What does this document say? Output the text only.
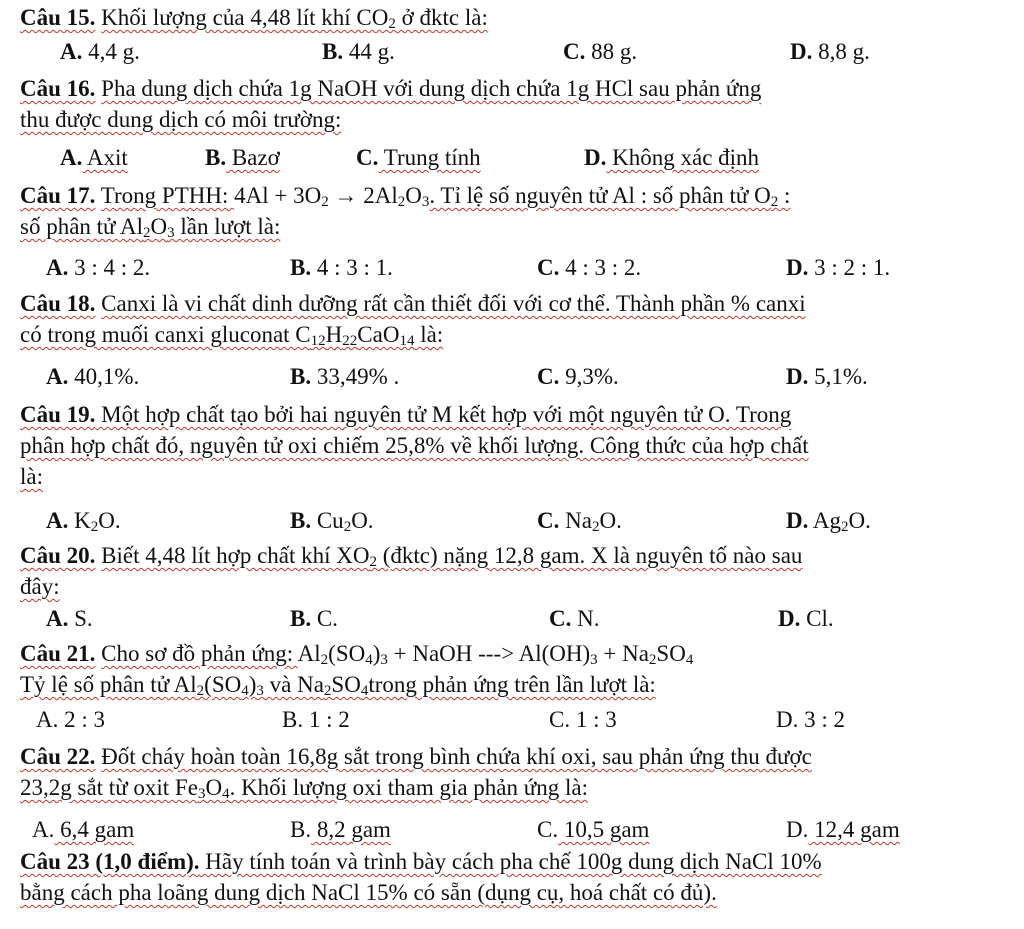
Câu 15. Khối lượng của 4,48 lít khí $CO_2$ ở đktc là:
A. 4,4 g.	B. 44 g.	C. 88 g.	D. 8,8 g.
Câu 16. Pha dung dịch chứa 1g NaOH với dung dịch chứa 1g HCl sau phản ứng
thu được dung dịch có môi trường:
A. Axit	B. Bazơ	C. Trung tính	D. Không xác định
Câu 17. Trong PTHH: $4Al + 3O_2 \to 2Al_2O_3$. Tỉ lệ số nguyên tử Al : số phân tử $O_2$ :
số phân tử $Al_2O_3$ lần lượt là:
A. 3 : 4 : 2.	B. 4 : 3 : 1.	C. 4 : 3 : 2.	D. 3 : 2 : 1.
Câu 18. Canxi là vi chất dinh dưỡng rất cần thiết đối với cơ thể. Thành phần % canxi
có trong muối canxi gluconat $C_{12}H_{22}CaO_{14}$ là:
A. 40,1%.	B. 33,49% .	C. 9,3%.	D. 5,1%.
Câu 19. Một hợp chất tạo bởi hai nguyên tử M kết hợp với một nguyên tử O. Trong
phân hợp chất đó, nguyên tử oxi chiếm 25,8% về khối lượng. Công thức của hợp chất
là:
A. $K_2O$.	B. $Cu_2O$.	C. $Na_2O$.	D. $Ag_2O$.
Câu 20. Biết 4,48 lít hợp chất khí $XO_2$ (đktc) nặng 12,8 gam. X là nguyên tố nào sau
đây:
A. S.	B. C.	C. N.	D. Cl.
Câu 21. Cho sơ đồ phản ứng: $Al_2(SO_4)_3$ + NaOH ---> $Al(OH)_3 + Na_2SO_4$
Tỷ lệ số phân tử $Al_2(SO_4)_3$ và $Na_2SO_4trong$ phản ứng trên lần lượt là:
A. 2 : 3	B. 1 : 2	C. 1 : 3	D. 3 : 2
Câu 22. Đốt cháy hoàn toàn 16,8g sắt trong bình chứa khí oxi, sau phản ứng thu được
23,2g sắt từ oxit $Fe_3O_4$. Khối lượng oxi tham gia phản ứng là:
A. 6,4 gam	B. 8,2 gam	C. 10,5 gam	D. 12,4 gam
Câu 23 (1,0 điểm). Hãy tính toán và trình bày cách pha chế 100g dung dịch NaCl 10%
bằng cách pha loãng dung dịch NaCl 15% có sẵn (dụng cụ, hoá chất có đủ).
